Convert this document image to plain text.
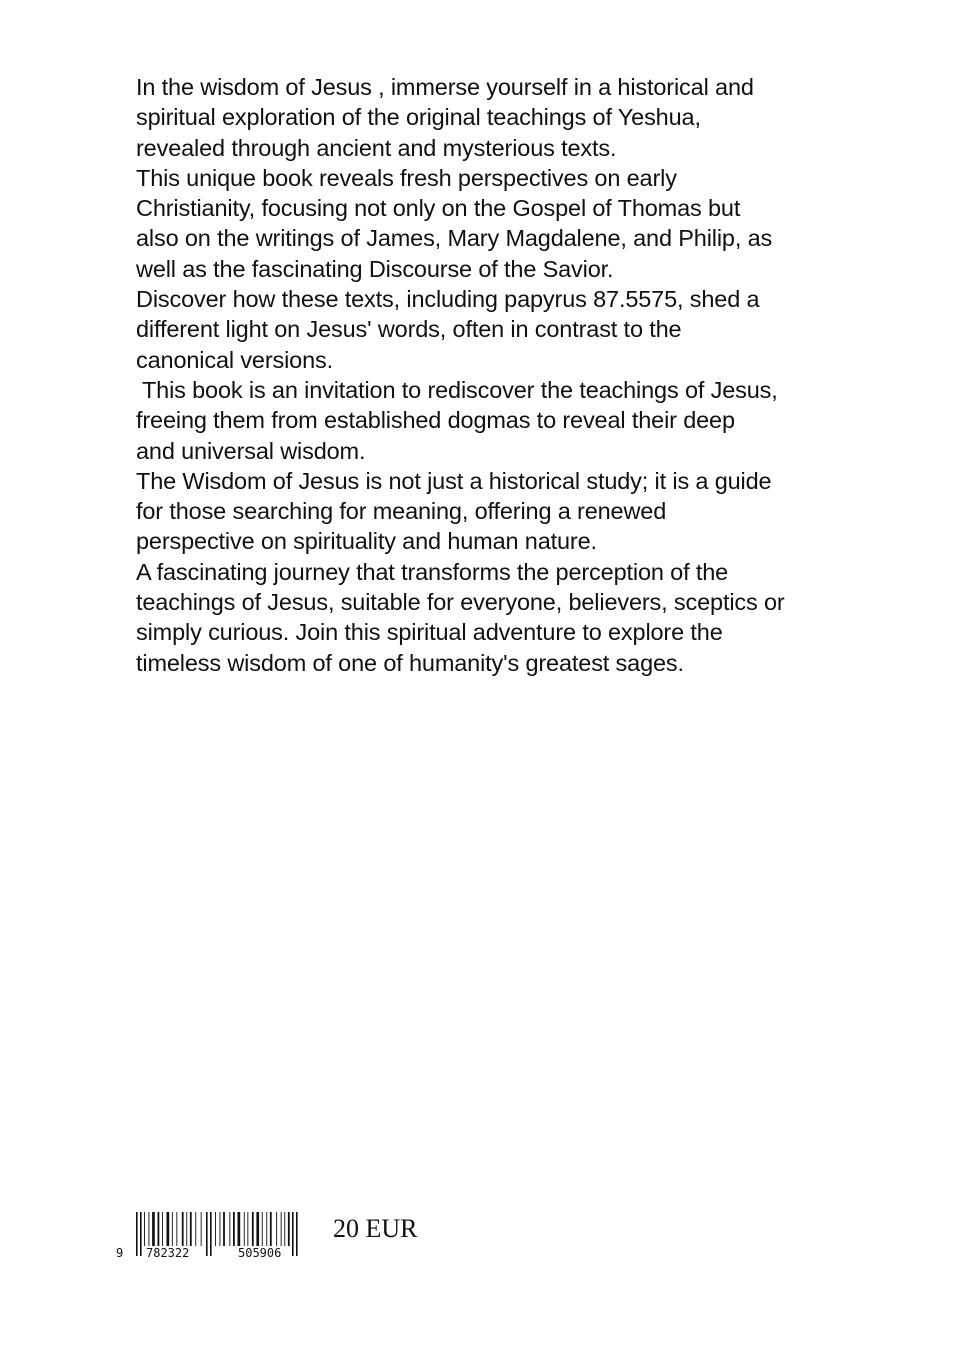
In the wisdom of Jesus , immerse yourself in a historical and
spiritual exploration of the original teachings of Yeshua,
revealed through ancient and mysterious texts.
This unique book reveals fresh perspectives on early
Christianity, focusing not only on the Gospel of Thomas but
also on the writings of James, Mary Magdalene, and Philip, as
well as the fascinating Discourse of the Savior.
Discover how these texts, including papyrus 87.5575, shed a
different light on Jesus' words, often in contrast to the
canonical versions.
This book is an invitation to rediscover the teachings of Jesus,
freeing them from established dogmas to reveal their deep
and universal wisdom.
The Wisdom of Jesus is not just a historical study; it is a guide
for those searching for meaning, offering a renewed
perspective on spirituality and human nature.
A fascinating journey that transforms the perception of the
teachings of Jesus, suitable for everyone, believers, sceptics or
simply curious. Join this spiritual adventure to explore the
timeless wisdom of one of humanity's greatest sages.
9 782322	505906
20 EUR
